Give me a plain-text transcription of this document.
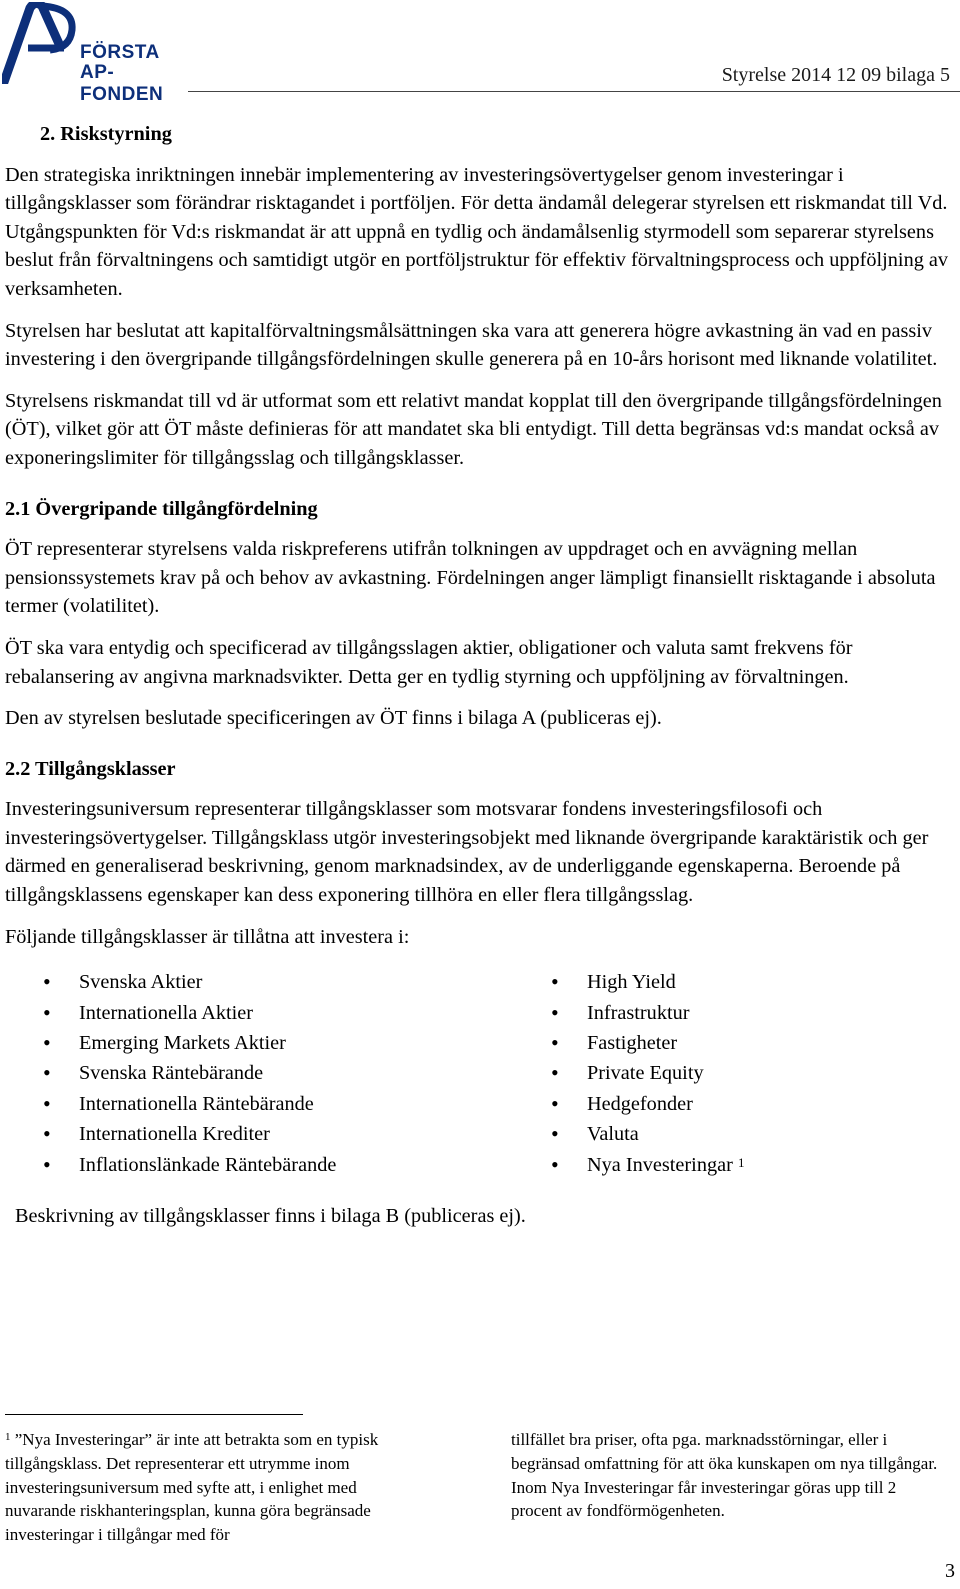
FÖRSTA
AP-FONDEN
Styrelse 2014 12 09 bilaga 5
2. Riskstyrning

Den strategiska inriktningen innebär implementering av investeringsövertygelser genom investeringar i tillgångsklasser som förändrar risktagandet i portföljen. För detta ändamål delegerar styrelsen ett riskmandat till Vd. Utgångspunkten för Vd:s riskmandat är att uppnå en tydlig och ändamålsenlig styrmodell som separerar styrelsens beslut från förvaltningens och samtidigt utgör en portföljstruktur för effektiv förvaltningsprocess och uppföljning av verksamheten.

Styrelsen har beslutat att kapitalförvaltningsmålsättningen ska vara att generera högre avkastning än vad en passiv investering i den övergripande tillgångsfördelningen skulle generera på en 10-års horisont med liknande volatilitet.

Styrelsens riskmandat till vd är utformat som ett relativt mandat kopplat till den övergripande tillgångsfördelningen (ÖT), vilket gör att ÖT måste definieras för att mandatet ska bli entydigt. Till detta begränsas vd:s mandat också av exponeringslimiter för tillgångsslag och tillgångsklasser.

2.1 Övergripande tillgångfördelning

ÖT representerar styrelsens valda riskpreferens utifrån tolkningen av uppdraget och en avvägning mellan pensionssystemets krav på och behov av avkastning. Fördelningen anger lämpligt finansiellt risktagande i absoluta termer (volatilitet).

ÖT ska vara entydig och specificerad av tillgångsslagen aktier, obligationer och valuta samt frekvens för rebalansering av angivna marknadsvikter. Detta ger en tydlig styrning och uppföljning av förvaltningen.

Den av styrelsen beslutade specificeringen av ÖT finns i bilaga A (publiceras ej).

2.2 Tillgångsklasser

Investeringsuniversum representerar tillgångsklasser som motsvarar fondens investeringsfilosofi och investeringsövertygelser. Tillgångsklass utgör investeringsobjekt med liknande övergripande karaktäristik och ger därmed en generaliserad beskrivning, genom marknadsindex, av de underliggande egenskaperna. Beroende på tillgångsklassens egenskaper kan dess exponering tillhöra en eller flera tillgångsslag.

Följande tillgångsklasser är tillåtna att investera i:

• Svenska Aktier
• Internationella Aktier
• Emerging Markets Aktier
• Svenska Räntebärande
• Internationella Räntebärande
• Internationella Krediter
• Inflationslänkade Räntebärande
• High Yield
• Infrastruktur
• Fastigheter
• Private Equity
• Hedgefonder
• Valuta
• Nya Investeringar $^1$

Beskrivning av tillgångsklasser finns i bilaga B (publiceras ej).

$^1$ ”Nya Investeringar” är inte att betrakta som en typisk tillgångsklass. Det representerar ett utrymme inom investeringsuniversum med syfte att, i enlighet med nuvarande riskhanteringsplan, kunna göra begränsade investeringar i tillgångar med för
tillfället bra priser, ofta pga. marknadsstörningar, eller i begränsad omfattning för att öka kunskapen om nya tillgångar. Inom Nya Investeringar får investeringar göras upp till 2 procent av fondförmögenheten.
3
